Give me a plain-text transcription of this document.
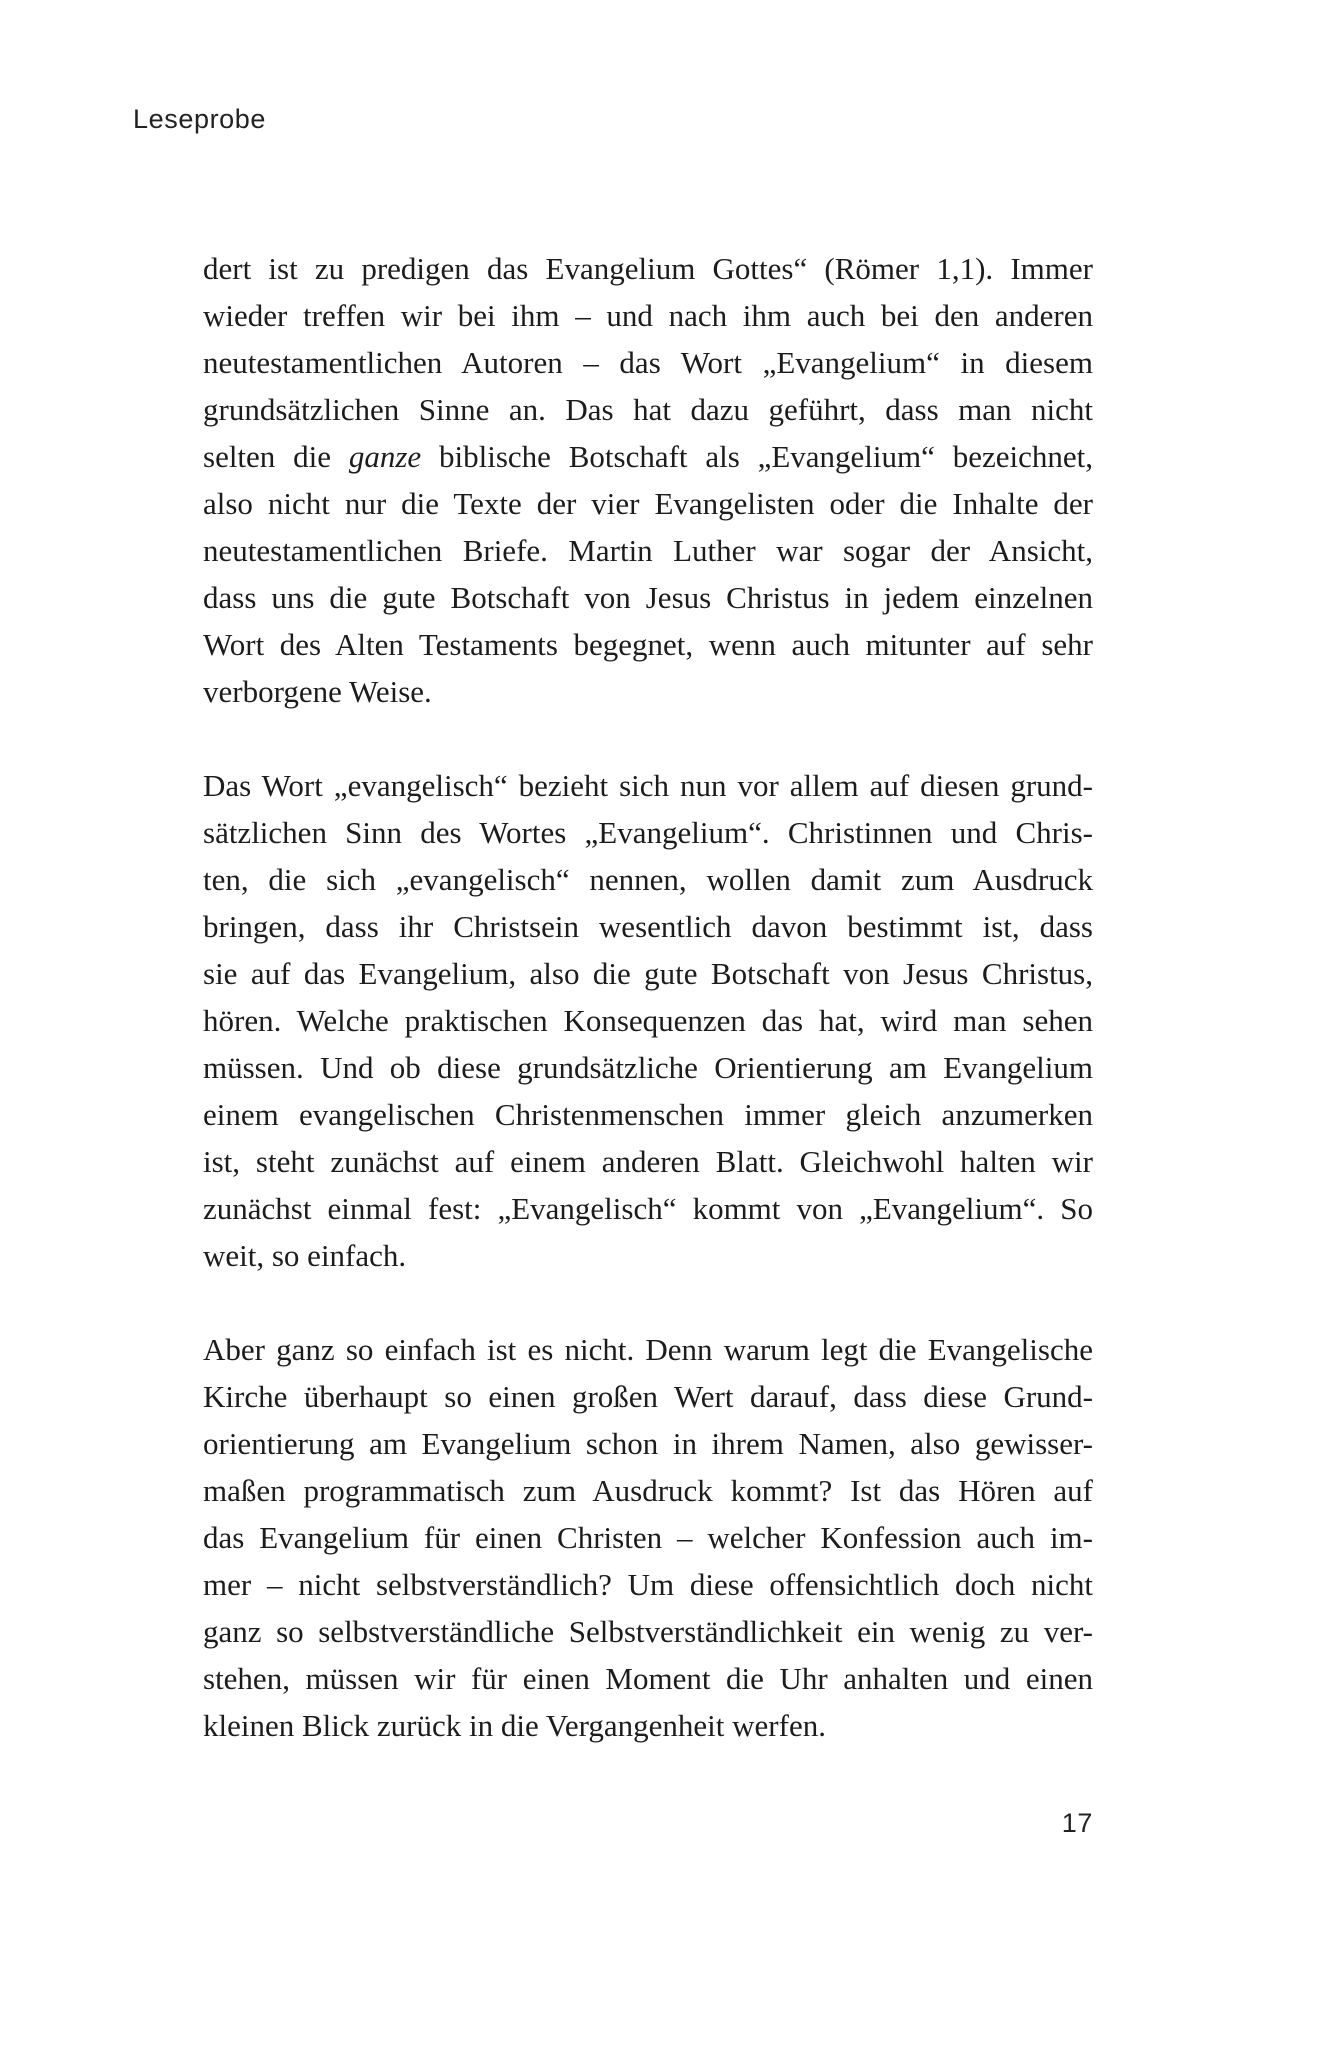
Leseprobe
dert ist zu predigen das Evangelium Gottes“ (Römer 1,1). Immer
wieder treffen wir bei ihm – und nach ihm auch bei den anderen
neutestamentlichen Autoren – das Wort „Evangelium“ in diesem
grundsätzlichen Sinne an. Das hat dazu geführt, dass man nicht
selten die ganze biblische Botschaft als „Evangelium“ bezeichnet,
also nicht nur die Texte der vier Evangelisten oder die Inhalte der
neutestamentlichen Briefe. Martin Luther war sogar der Ansicht,
dass uns die gute Botschaft von Jesus Christus in jedem einzelnen
Wort des Alten Testaments begegnet, wenn auch mitunter auf sehr
verborgene Weise.
Das Wort „evangelisch“ bezieht sich nun vor allem auf diesen grund-
sätzlichen Sinn des Wortes „Evangelium“. Christinnen und Chris-
ten, die sich „evangelisch“ nennen, wollen damit zum Ausdruck
bringen, dass ihr Christsein wesentlich davon bestimmt ist, dass
sie auf das Evangelium, also die gute Botschaft von Jesus Christus,
hören. Welche praktischen Konsequenzen das hat, wird man sehen
müssen. Und ob diese grundsätzliche Orientierung am Evangelium
einem evangelischen Christenmenschen immer gleich anzumerken
ist, steht zunächst auf einem anderen Blatt. Gleichwohl halten wir
zunächst einmal fest: „Evangelisch“ kommt von „Evangelium“. So
weit, so einfach.
Aber ganz so einfach ist es nicht. Denn warum legt die Evangelische
Kirche überhaupt so einen großen Wert darauf, dass diese Grund-
orientierung am Evangelium schon in ihrem Namen, also gewisser-
maßen programmatisch zum Ausdruck kommt? Ist das Hören auf
das Evangelium für einen Christen – welcher Konfession auch im-
mer – nicht selbstverständlich? Um diese offensichtlich doch nicht
ganz so selbstverständliche Selbstverständlichkeit ein wenig zu ver-
stehen, müssen wir für einen Moment die Uhr anhalten und einen
kleinen Blick zurück in die Vergangenheit werfen.
17
